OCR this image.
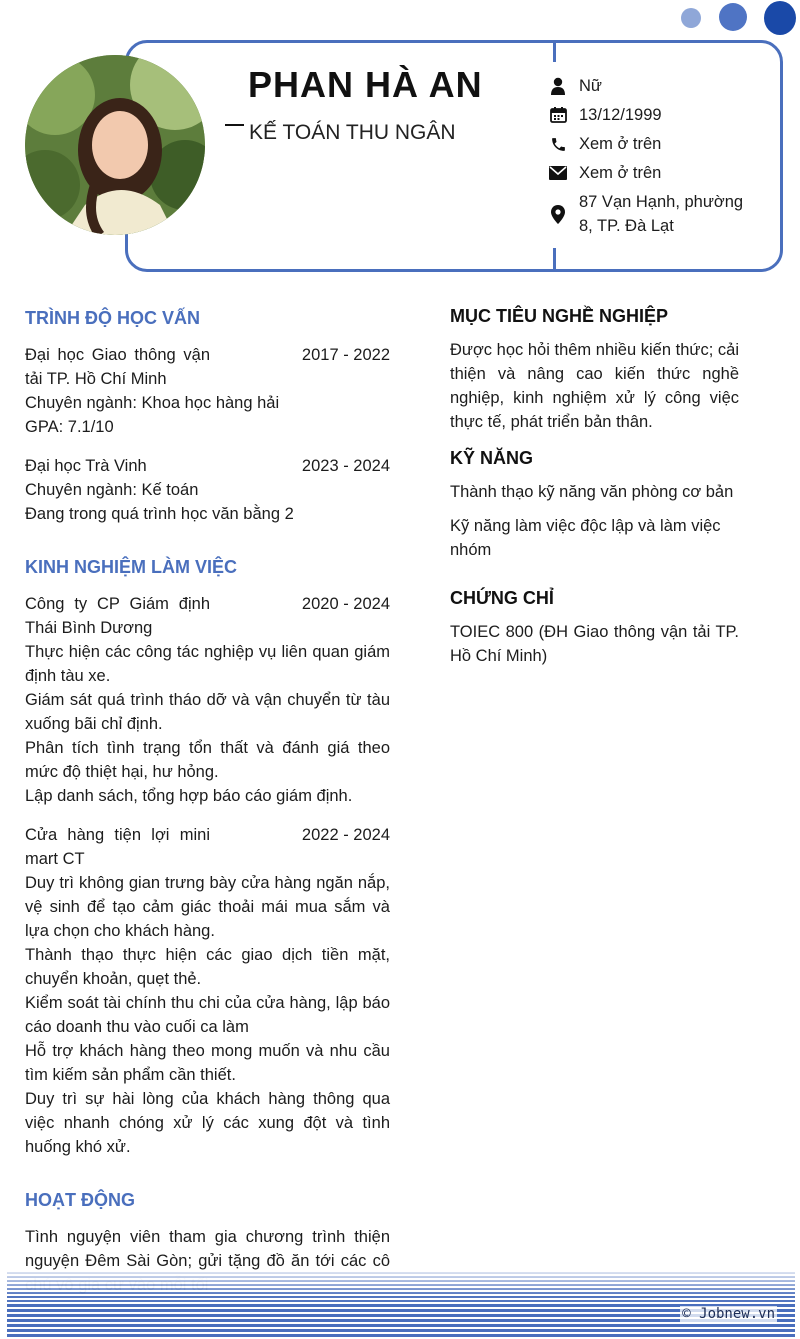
PHAN HÀ AN
KẾ TOÁN THU NGÂN
Nữ
13/12/1999
Xem ở trên
Xem ở trên
87 Vạn Hạnh, phường 8, TP. Đà Lạt
TRÌNH ĐỘ HỌC VẤN
Đại học Giao thông vận tải TP. Hồ Chí Minh
2017 - 2022
Chuyên ngành: Khoa học hàng hải
GPA: 7.1/10
Đại học Trà Vinh	2023 - 2024
Chuyên ngành: Kế toán
Đang trong quá trình học văn bằng 2
KINH NGHIỆM LÀM VIỆC
Công ty CP Giám định Thái Bình Dương
2020 - 2024
Thực hiện các công tác nghiệp vụ liên quan giám định tàu xe.
Giám sát quá trình tháo dỡ và vận chuyển từ tàu xuống bãi chỉ định.
Phân tích tình trạng tổn thất và đánh giá theo mức độ thiệt hại, hư hỏng.
Lập danh sách, tổng hợp báo cáo giám định.
Cửa hàng tiện lợi mini mart CT
2022 - 2024
Duy trì không gian trưng bày cửa hàng ngăn nắp, vệ sinh để tạo cảm giác thoải mái mua sắm và lựa chọn cho khách hàng.
Thành thạo thực hiện các giao dịch tiền mặt, chuyển khoản, quẹt thẻ.
Kiểm soát tài chính thu chi của cửa hàng, lập báo cáo doanh thu vào cuối ca làm
Hỗ trợ khách hàng theo mong muốn và nhu cầu tìm kiếm sản phẩm cần thiết.
Duy trì sự hài lòng của khách hàng thông qua việc nhanh chóng xử lý các xung đột và tình huống khó xử.
HOẠT ĐỘNG
Tình nguyện viên tham gia chương trình thiện nguyện Đêm Sài Gòn; gửi tặng đồ ăn tới các cô
MỤC TIÊU NGHỀ NGHIỆP
Được học hỏi thêm nhiều kiến thức; cải thiện và nâng cao kiến thức nghề nghiệp, kinh nghiệm xử lý công việc thực tế, phát triển bản thân.
KỸ NĂNG
Thành thạo kỹ năng văn phòng cơ bản
Kỹ năng làm việc độc lập và làm việc nhóm
CHỨNG CHỈ
TOIEC 800 (ĐH Giao thông vận tải TP. Hồ Chí Minh)
© Jobnew.vn
